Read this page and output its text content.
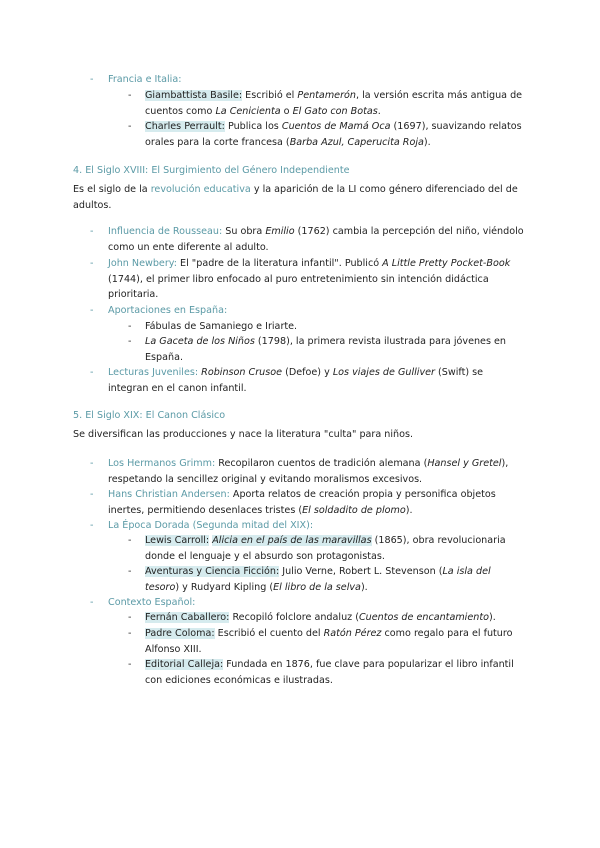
- Francia e Italia:
- Giambattista Basile: Escribió el Pentamerón, la versión escrita más antigua de cuentos como La Cenicienta o El Gato con Botas.
- Charles Perrault: Publica los Cuentos de Mamá Oca (1697), suavizando relatos orales para la corte francesa (Barba Azul, Caperucita Roja).
4. El Siglo XVIII: El Surgimiento del Género Independiente
Es el siglo de la revolución educativa y la aparición de la LI como género diferenciado del de adultos.
- Influencia de Rousseau: Su obra Emilio (1762) cambia la percepción del niño, viéndolo como un ente diferente al adulto.
- John Newbery: El "padre de la literatura infantil". Publicó A Little Pretty Pocket-Book (1744), el primer libro enfocado al puro entretenimiento sin intención didáctica prioritaria.
- Aportaciones en España:
- Fábulas de Samaniego e Iriarte.
- La Gaceta de los Niños (1798), la primera revista ilustrada para jóvenes en España.
- Lecturas Juveniles: Robinson Crusoe (Defoe) y Los viajes de Gulliver (Swift) se integran en el canon infantil.
5. El Siglo XIX: El Canon Clásico
Se diversifican las producciones y nace la literatura "culta" para niños.
- Los Hermanos Grimm: Recopilaron cuentos de tradición alemana (Hansel y Gretel), respetando la sencillez original y evitando moralismos excesivos.
- Hans Christian Andersen: Aporta relatos de creación propia y personifica objetos inertes, permitiendo desenlaces tristes (El soldadito de plomo).
- La Época Dorada (Segunda mitad del XIX):
- Lewis Carroll: Alicia en el país de las maravillas (1865), obra revolucionaria donde el lenguaje y el absurdo son protagonistas.
- Aventuras y Ciencia Ficción: Julio Verne, Robert L. Stevenson (La isla del tesoro) y Rudyard Kipling (El libro de la selva).
- Contexto Español:
- Fernán Caballero: Recopiló folclore andaluz (Cuentos de encantamiento).
- Padre Coloma: Escribió el cuento del Ratón Pérez como regalo para el futuro Alfonso XIII.
- Editorial Calleja: Fundada en 1876, fue clave para popularizar el libro infantil con ediciones económicas e ilustradas.
